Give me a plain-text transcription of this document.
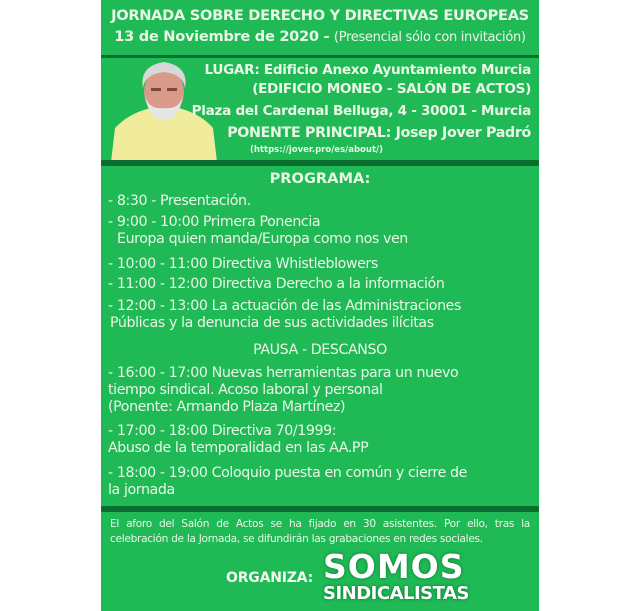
JORNADA SOBRE DERECHO Y DIRECTIVAS EUROPEAS
13 de Noviembre de 2020 - (Presencial sólo con invitación)
LUGAR: Edificio Anexo Ayuntamiento Murcia
(EDIFICIO MONEO - SALÓN DE ACTOS)
Plaza del Cardenal Belluga, 4 - 30001 - Murcia
PONENTE PRINCIPAL: Josep Jover Padró
(https://jover.pro/es/about/)
PROGRAMA:
- 8:30 - Presentación.
- 9:00 - 10:00 Primera Ponencia
Europa quien manda/Europa como nos ven
- 10:00 - 11:00 Directiva Whistleblowers
- 11:00 - 12:00 Directiva Derecho a la información
- 12:00 - 13:00 La actuación de las Administraciones
Públicas y la denuncia de sus actividades ilícitas
PAUSA - DESCANSO
- 16:00 - 17:00 Nuevas herramientas para un nuevo
tiempo sindical. Acoso laboral y personal
(Ponente: Armando Plaza Martínez)
- 17:00 - 18:00 Directiva 70/1999:
Abuso de la temporalidad en las AA.PP
- 18:00 - 19:00 Coloquio puesta en común y cierre de
la jornada
El aforo del Salón de Actos se ha fijado en 30 asistentes. Por ello, tras la celebración de la Jornada, se difundirán las grabaciones en redes sociales.
ORGANIZA: SOMOS
SINDICALISTAS
